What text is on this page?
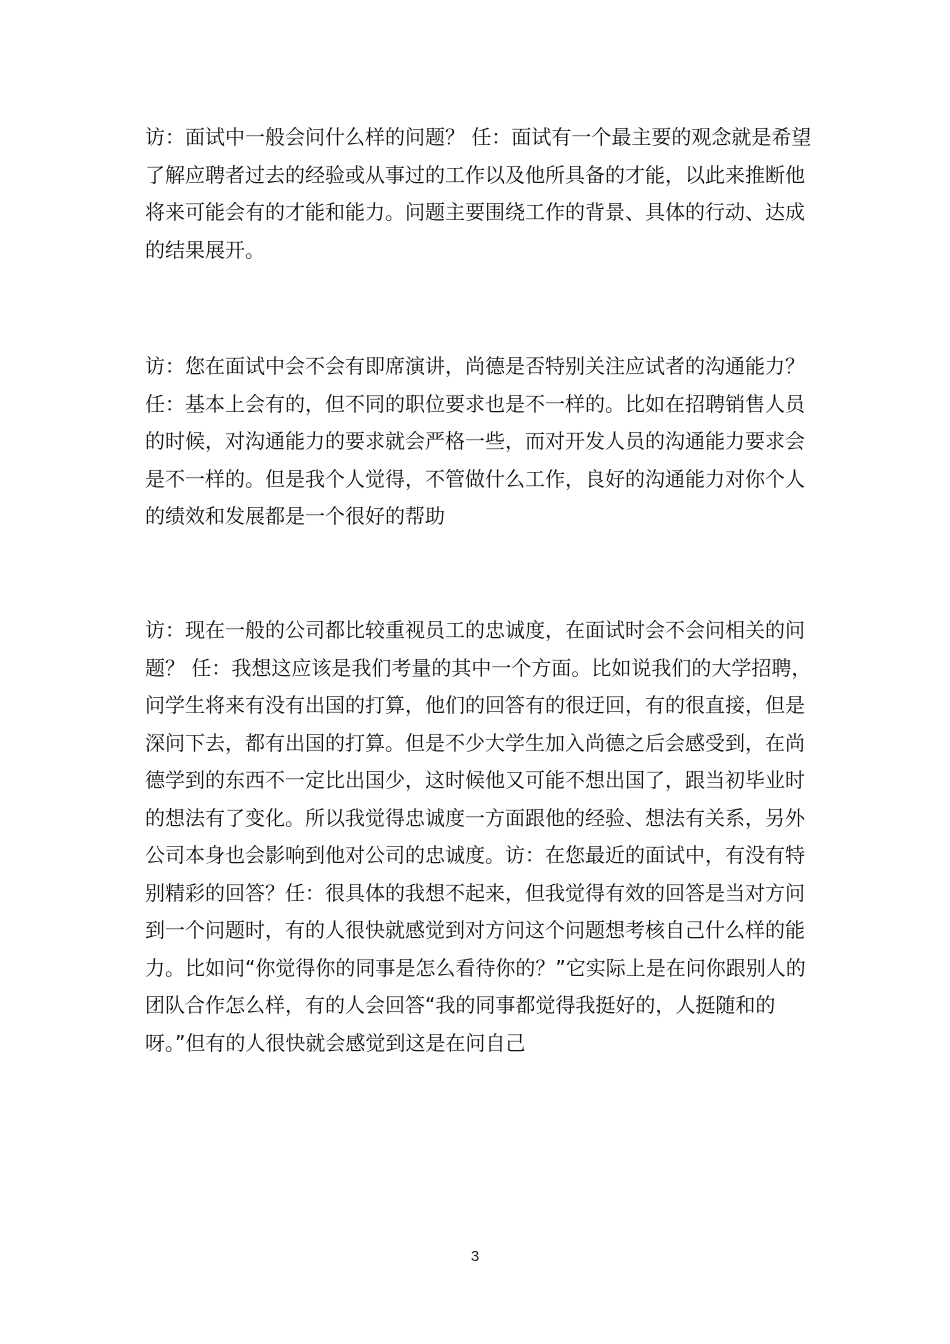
访：面试中一般会问什么样的问题？ 任：面试有一个最主要的观念就是希望了解应聘者过去的经验或从事过的工作以及他所具备的才能，以此来推断他将来可能会有的才能和能力。问题主要围绕工作的背景、具体的行动、达成的结果展开。

访：您在面试中会不会有即席演讲，尚德是否特别关注应试者的沟通能力？ 任：基本上会有的，但不同的职位要求也是不一样的。比如在招聘销售人员的时候，对沟通能力的要求就会严格一些，而对开发人员的沟通能力要求会是不一样的。但是我个人觉得，不管做什么工作，良好的沟通能力对你个人的绩效和发展都是一个很好的帮助

访：现在一般的公司都比较重视员工的忠诚度，在面试时会不会问相关的问题？ 任：我想这应该是我们考量的其中一个方面。比如说我们的大学招聘，问学生将来有没有出国的打算，他们的回答有的很迂回，有的很直接，但是深问下去，都有出国的打算。但是不少大学生加入尚德之后会感受到，在尚德学到的东西不一定比出国少，这时候他又可能不想出国了，跟当初毕业时的想法有了变化。所以我觉得忠诚度一方面跟他的经验、想法有关系，另外公司本身也会影响到他对公司的忠诚度。访：在您最近的面试中，有没有特别精彩的回答？任：很具体的我想不起来，但我觉得有效的回答是当对方问到一个问题时，有的人很快就感觉到对方问这个问题想考核自己什么样的能力。比如问“你觉得你的同事是怎么看待你的？”它实际上是在问你跟别人的团队合作怎么样，有的人会回答“我的同事都觉得我挺好的，人挺随和的呀。”但有的人很快就会感觉到这是在问自己

3
